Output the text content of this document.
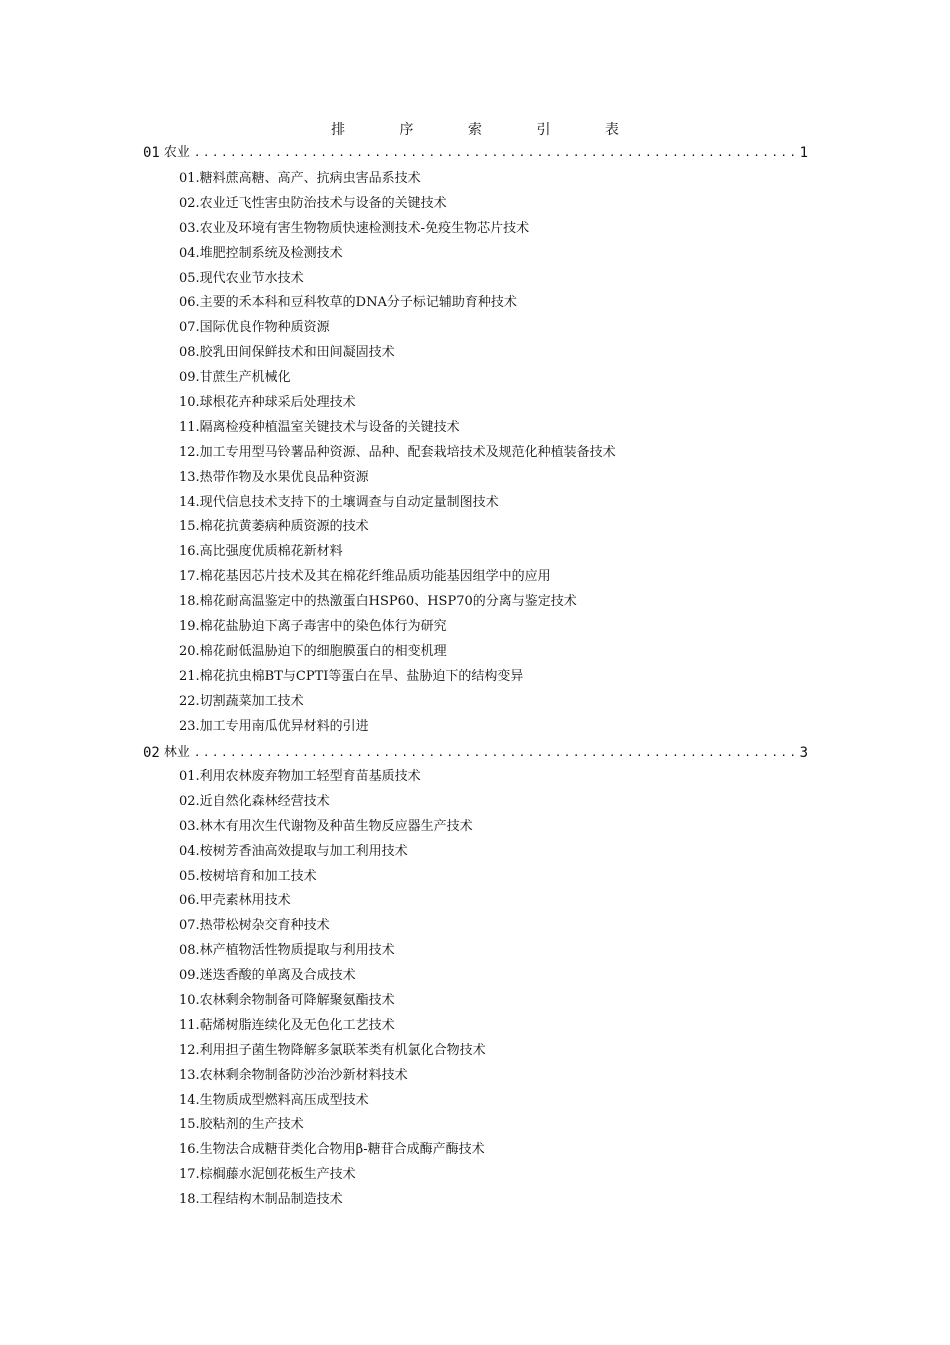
排 序 索 引 表
01 农业 .....	1
01.糖料蔗高糖、高产、抗病虫害品系技术
02.农业迁飞性害虫防治技术与设备的关键技术
03.农业及环境有害生物物质快速检测技术-免疫生物芯片技术
04.堆肥控制系统及检测技术
05.现代农业节水技术
06.主要的禾本科和豆科牧草的DNA分子标记辅助育种技术
07.国际优良作物种质资源
08.胶乳田间保鲜技术和田间凝固技术
09.甘蔗生产机械化
10.球根花卉种球采后处理技术
11.隔离检疫种植温室关键技术与设备的关键技术
12.加工专用型马铃薯品种资源、品种、配套栽培技术及规范化种植装备技术
13.热带作物及水果优良品种资源
14.现代信息技术支持下的土壤调查与自动定量制图技术
15.棉花抗黄萎病种质资源的技术
16.高比强度优质棉花新材料
17.棉花基因芯片技术及其在棉花纤维品质功能基因组学中的应用
18.棉花耐高温鉴定中的热激蛋白HSP60、HSP70的分离与鉴定技术
19.棉花盐胁迫下离子毒害中的染色体行为研究
20.棉花耐低温胁迫下的细胞膜蛋白的相变机理
21.棉花抗虫棉BT与CPTI等蛋白在旱、盐胁迫下的结构变异
22.切割蔬菜加工技术
23.加工专用南瓜优异材料的引进
02 林业 .....	3
01.利用农林废弃物加工轻型育苗基质技术
02.近自然化森林经营技术
03.林木有用次生代谢物及种苗生物反应器生产技术
04.桉树芳香油高效提取与加工利用技术
05.桉树培育和加工技术
06.甲壳素林用技术
07.热带松树杂交育种技术
08.林产植物活性物质提取与利用技术
09.迷迭香酸的单离及合成技术
10.农林剩余物制备可降解聚氨酯技术
11.萜烯树脂连续化及无色化工艺技术
12.利用担子菌生物降解多氯联苯类有机氯化合物技术
13.农林剩余物制备防沙治沙新材料技术
14.生物质成型燃料高压成型技术
15.胶粘剂的生产技术
16.生物法合成糖苷类化合物用β-糖苷合成酶产酶技术
17.棕榈藤水泥刨花板生产技术
18.工程结构木制品制造技术
